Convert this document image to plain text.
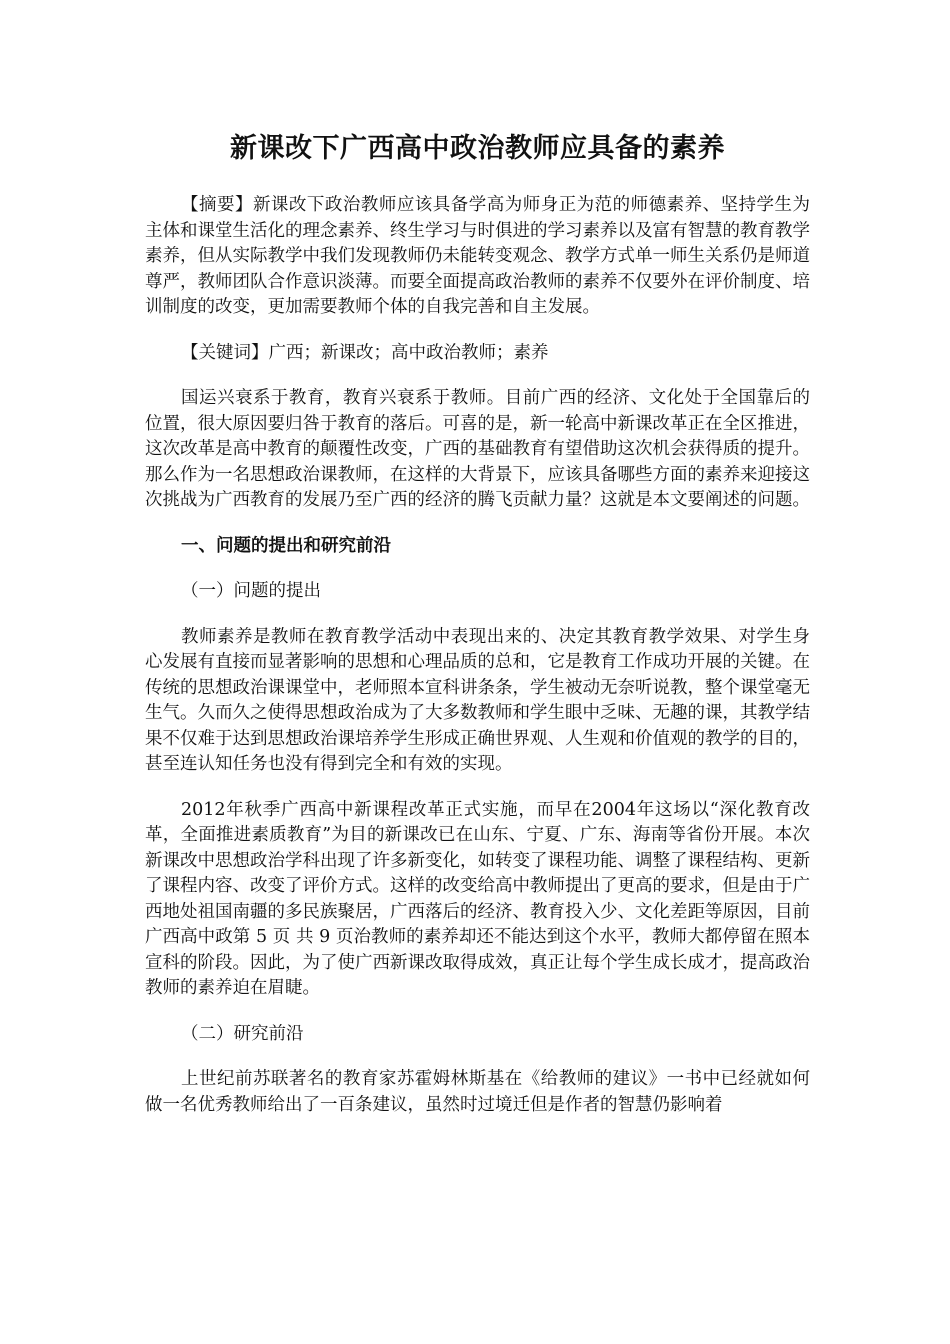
新课改下广西高中政治教师应具备的素养

【摘要】新课改下政治教师应该具备学高为师身正为范的师德素养、坚持学生为主体和课堂生活化的理念素养、终生学习与时俱进的学习素养以及富有智慧的教育教学素养，但从实际教学中我们发现教师仍未能转变观念、教学方式单一师生关系仍是师道尊严，教师团队合作意识淡薄。而要全面提高政治教师的素养不仅要外在评价制度、培训制度的改变，更加需要教师个体的自我完善和自主发展。

【关键词】广西；新课改；高中政治教师；素养

国运兴衰系于教育，教育兴衰系于教师。目前广西的经济、文化处于全国靠后的位置，很大原因要归咎于教育的落后。可喜的是，新一轮高中新课改革正在全区推进，这次改革是高中教育的颠覆性改变，广西的基础教育有望借助这次机会获得质的提升。那么作为一名思想政治课教师，在这样的大背景下，应该具备哪些方面的素养来迎接这次挑战为广西教育的发展乃至广西的经济的腾飞贡献力量？这就是本文要阐述的问题。

一、问题的提出和研究前沿

（一）问题的提出

教师素养是教师在教育教学活动中表现出来的、决定其教育教学效果、对学生身心发展有直接而显著影响的思想和心理品质的总和，它是教育工作成功开展的关键。在传统的思想政治课课堂中，老师照本宣科讲条条，学生被动无奈听说教，整个课堂毫无生气。久而久之使得思想政治成为了大多数教师和学生眼中乏味、无趣的课，其教学结果不仅难于达到思想政治课培养学生形成正确世界观、人生观和价值观的教学的目的，甚至连认知任务也没有得到完全和有效的实现。

2012年秋季广西高中新课程改革正式实施，而早在2004年这场以“深化教育改革，全面推进素质教育”为目的新课改已在山东、宁夏、广东、海南等省份开展。本次新课改中思想政治学科出现了许多新变化，如转变了课程功能、调整了课程结构、更新了课程内容、改变了评价方式。这样的改变给高中教师提出了更高的要求，但是由于广西地处祖国南疆的多民族聚居，广西落后的经济、教育投入少、文化差距等原因，目前广西高中政第 5 页 共 9 页治教师的素养却还不能达到这个水平，教师大都停留在照本宣科的阶段。因此，为了使广西新课改取得成效，真正让每个学生成长成才，提高政治教师的素养迫在眉睫。

（二）研究前沿

上世纪前苏联著名的教育家苏霍姆林斯基在《给教师的建议》一书中已经就如何做一名优秀教师给出了一百条建议，虽然时过境迁但是作者的智慧仍影响着
